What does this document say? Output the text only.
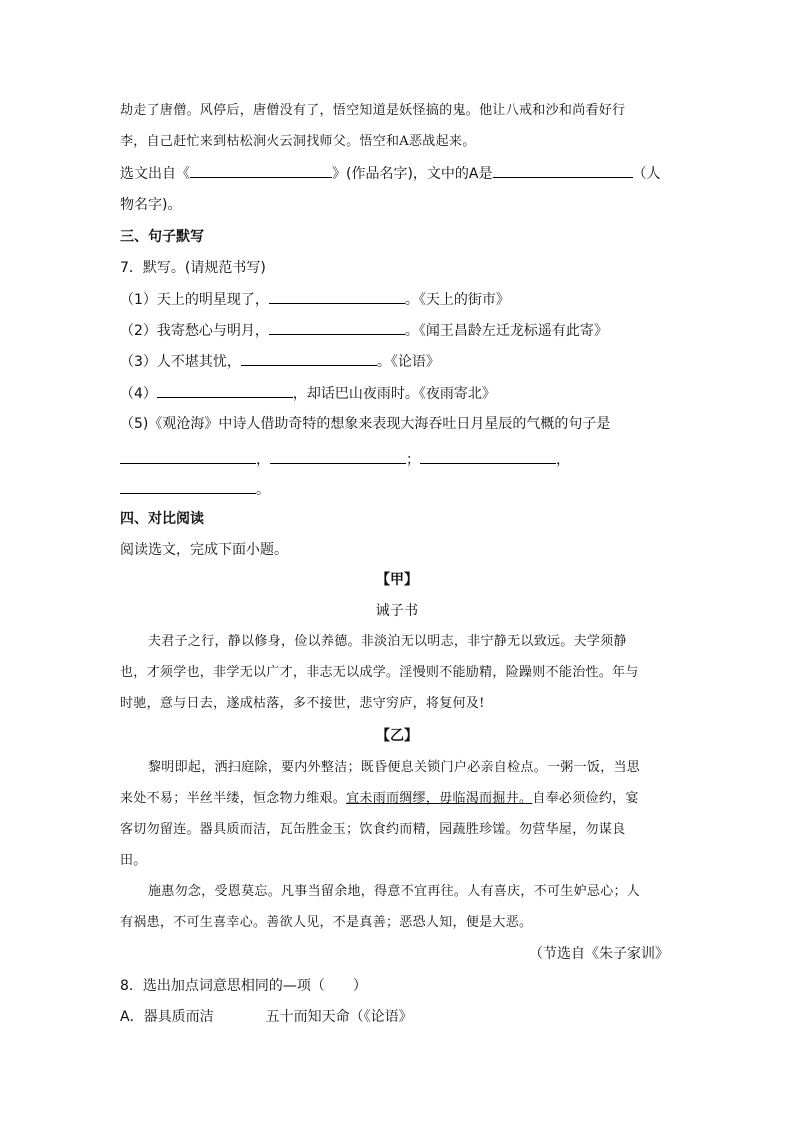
劫走了唐僧。风停后，唐僧没有了，悟空知道是妖怪搞的鬼。他让八戒和沙和尚看好行
李，自己赶忙来到枯松涧火云洞找师父。悟空和A恶战起来。
选文出自《	》(作品名字)，文中的A是	（人
物名字)。
三、句子默写
7．默写。(请规范书写)
（1）天上的明星现了，	。《天上的街市》
（2）我寄愁心与明月，	。《闻王昌龄左迁龙标遥有此寄》
（3）人不堪其忧，	。《论语》
（4）	，却话巴山夜雨时。《夜雨寄北》
（5)《观沧海》中诗人借助奇特的想象来表现大海吞吐日月星辰的气概的句子是
，	；	，
。
四、对比阅读
阅读选文，完成下面小题。
【甲】
诫子书
夫君子之行，静以修身，俭以养德。非淡泊无以明志，非宁静无以致远。夫学须静
也，才须学也，非学无以广才，非志无以成学。淫慢则不能励精，险躁则不能治性。年与
时驰，意与日去，遂成枯落，多不接世，悲守穷庐，将复何及!
【乙】
黎明即起，洒扫庭除，要内外整洁；既昏便息关锁门户必亲自检点。一粥一饭，当思
来处不易；半丝半缕，恒念物力维艰。宜未雨而绸缪，毋临渴而掘井。自奉必须俭约，宴
客切勿留连。器具质而洁，瓦缶胜金玉；饮食约而精，园蔬胜珍馐。勿营华屋，勿谋良
田。
施惠勿念，受恩莫忘。凡事当留余地，得意不宜再往。人有喜庆，不可生妒忌心；人
有祸患，不可生喜幸心。善欲人见，不是真善；恶恐人知，便是大恶。
（节选自《朱子家训》
8．选出加点词意思相同的—项（　　）
A．器具质而洁	五十而知天命（《论语》
